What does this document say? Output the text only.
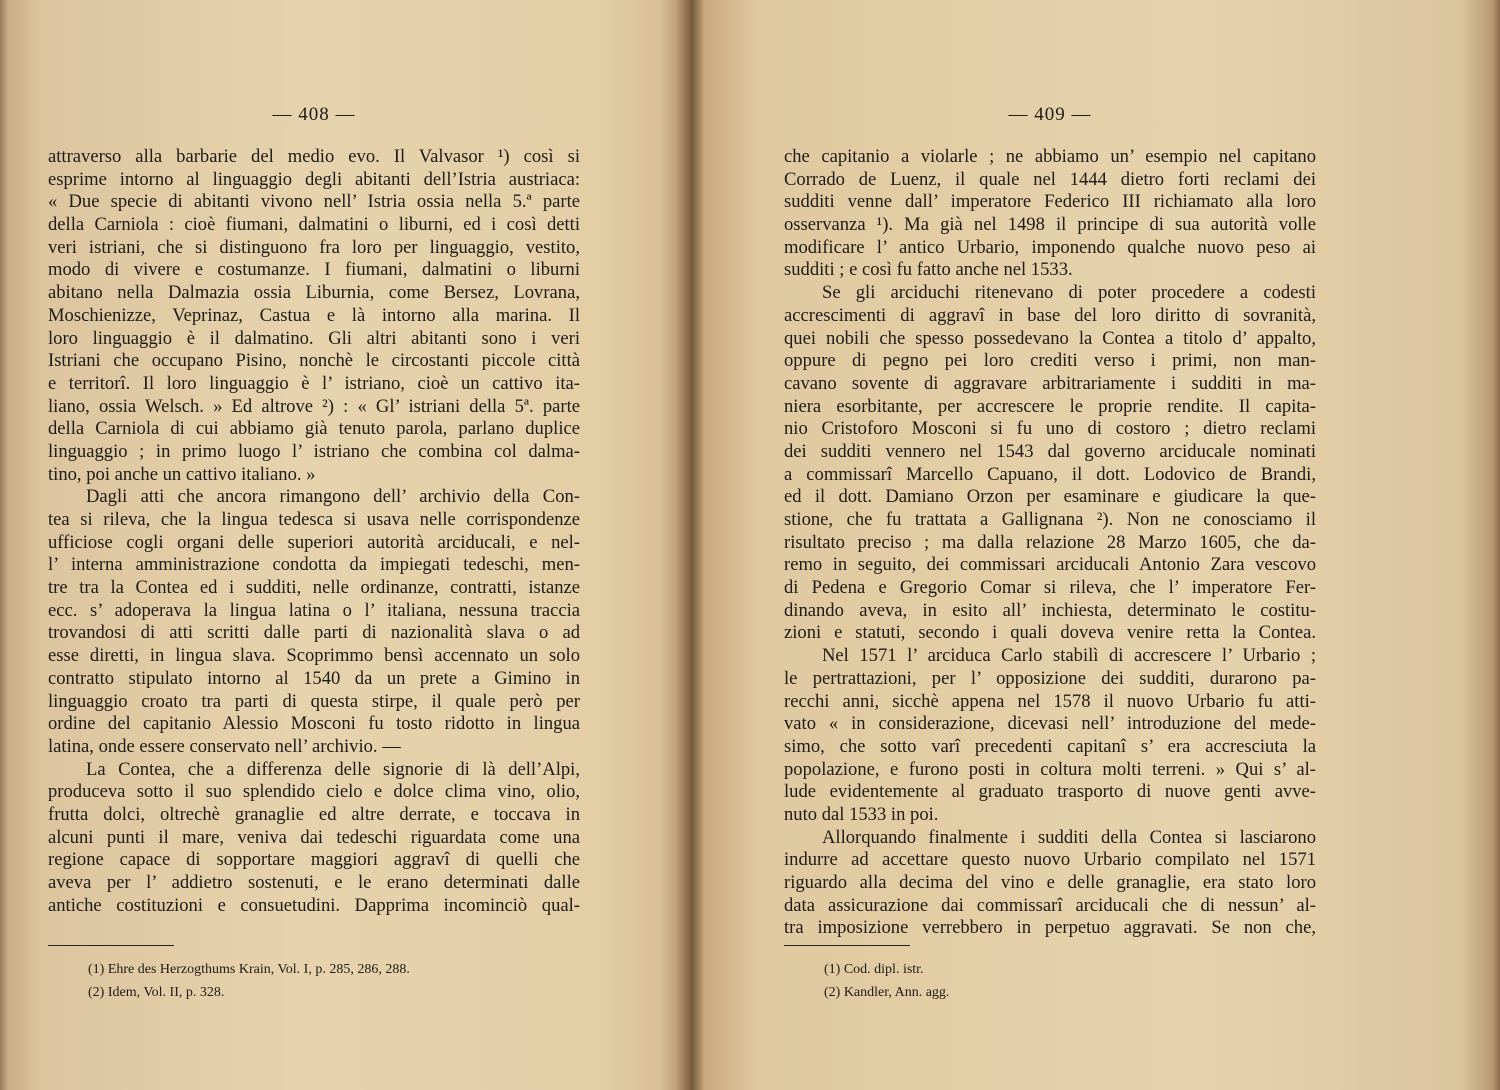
— 408 —
attraverso alla barbarie del medio evo. Il Valvasor ¹) così si
esprime intorno al linguaggio degli abitanti dell’Istria austriaca:
« Due specie di abitanti vivono nell’ Istria ossia nella 5.ª parte
della Carniola : cioè fiumani, dalmatini o liburni, ed i così detti
veri istriani, che si distinguono fra loro per linguaggio, vestito,
modo di vivere e costumanze. I fiumani, dalmatini o liburni
abitano nella Dalmazia ossia Liburnia, come Bersez, Lovrana,
Moschienizze, Veprinaz, Castua e là intorno alla marina. Il
loro linguaggio è il dalmatino. Gli altri abitanti sono i veri
Istriani che occupano Pisino, nonchè le circostanti piccole città
e territorî. Il loro linguaggio è l’ istriano, cioè un cattivo ita-
liano, ossia Welsch. » Ed altrove ²) : « Gl’ istriani della 5ª. parte
della Carniola di cui abbiamo già tenuto parola, parlano duplice
linguaggio ; in primo luogo l’ istriano che combina col dalma-
tino, poi anche un cattivo italiano. »
Dagli atti che ancora rimangono dell’ archivio della Con-
tea si rileva, che la lingua tedesca si usava nelle corrispondenze
ufficiose cogli organi delle superiori autorità arciducali, e nel-
l’ interna amministrazione condotta da impiegati tedeschi, men-
tre tra la Contea ed i sudditi, nelle ordinanze, contratti, istanze
ecc. s’ adoperava la lingua latina o l’ italiana, nessuna traccia
trovandosi di atti scritti dalle parti di nazionalità slava o ad
esse diretti, in lingua slava. Scoprimmo bensì accennato un solo
contratto stipulato intorno al 1540 da un prete a Gimino in
linguaggio croato tra parti di questa stirpe, il quale però per
ordine del capitanio Alessio Mosconi fu tosto ridotto in lingua
latina, onde essere conservato nell’ archivio. —
La Contea, che a differenza delle signorie di là dell’Alpi,
produceva sotto il suo splendido cielo e dolce clima vino, olio,
frutta dolci, oltrechè granaglie ed altre derrate, e toccava in
alcuni punti il mare, veniva dai tedeschi riguardata come una
regione capace di sopportare maggiori aggravî di quelli che
aveva per l’ addietro sostenuti, e le erano determinati dalle
antiche costituzioni e consuetudini. Dapprima incominciò qual-
(1) Ehre des Herzogthums Krain, Vol. I, p. 285, 286, 288.
(2) Idem, Vol. II, p. 328.
— 409 —
che capitanio a violarle ; ne abbiamo un’ esempio nel capitano
Corrado de Luenz, il quale nel 1444 dietro forti reclami dei
sudditi venne dall’ imperatore Federico III richiamato alla loro
osservanza ¹). Ma già nel 1498 il principe di sua autorità volle
modificare l’ antico Urbario, imponendo qualche nuovo peso ai
sudditi ; e così fu fatto anche nel 1533.
Se gli arciduchi ritenevano di poter procedere a codesti
accrescimenti di aggravî in base del loro diritto di sovranità,
quei nobili che spesso possedevano la Contea a titolo d’ appalto,
oppure di pegno pei loro crediti verso i primi, non man-
cavano sovente di aggravare arbitrariamente i sudditi in ma-
niera esorbitante, per accrescere le proprie rendite. Il capita-
nio Cristoforo Mosconi si fu uno di costoro ; dietro reclami
dei sudditi vennero nel 1543 dal governo arciducale nominati
a commissarî Marcello Capuano, il dott. Lodovico de Brandi,
ed il dott. Damiano Orzon per esaminare e giudicare la que-
stione, che fu trattata a Gallignana ²). Non ne conosciamo il
risultato preciso ; ma dalla relazione 28 Marzo 1605, che da-
remo in seguito, dei commissari arciducali Antonio Zara vescovo
di Pedena e Gregorio Comar si rileva, che l’ imperatore Fer-
dinando aveva, in esito all’ inchiesta, determinato le costitu-
zioni e statuti, secondo i quali doveva venire retta la Contea.
Nel 1571 l’ arciduca Carlo stabilì di accrescere l’ Urbario ;
le pertrattazioni, per l’ opposizione dei sudditi, durarono pa-
recchi anni, sicchè appena nel 1578 il nuovo Urbario fu atti-
vato « in considerazione, dicevasi nell’ introduzione del mede-
simo, che sotto varî precedenti capitanî s’ era accresciuta la
popolazione, e furono posti in coltura molti terreni. » Qui s’ al-
lude evidentemente al graduato trasporto di nuove genti avve-
nuto dal 1533 in poi.
Allorquando finalmente i sudditi della Contea si lasciarono
indurre ad accettare questo nuovo Urbario compilato nel 1571
riguardo alla decima del vino e delle granaglie, era stato loro
data assicurazione dai commissarî arciducali che di nessun’ al-
tra imposizione verrebbero in perpetuo aggravati. Se non che,
(1) Cod. dipl. istr.
(2) Kandler, Ann. agg.
